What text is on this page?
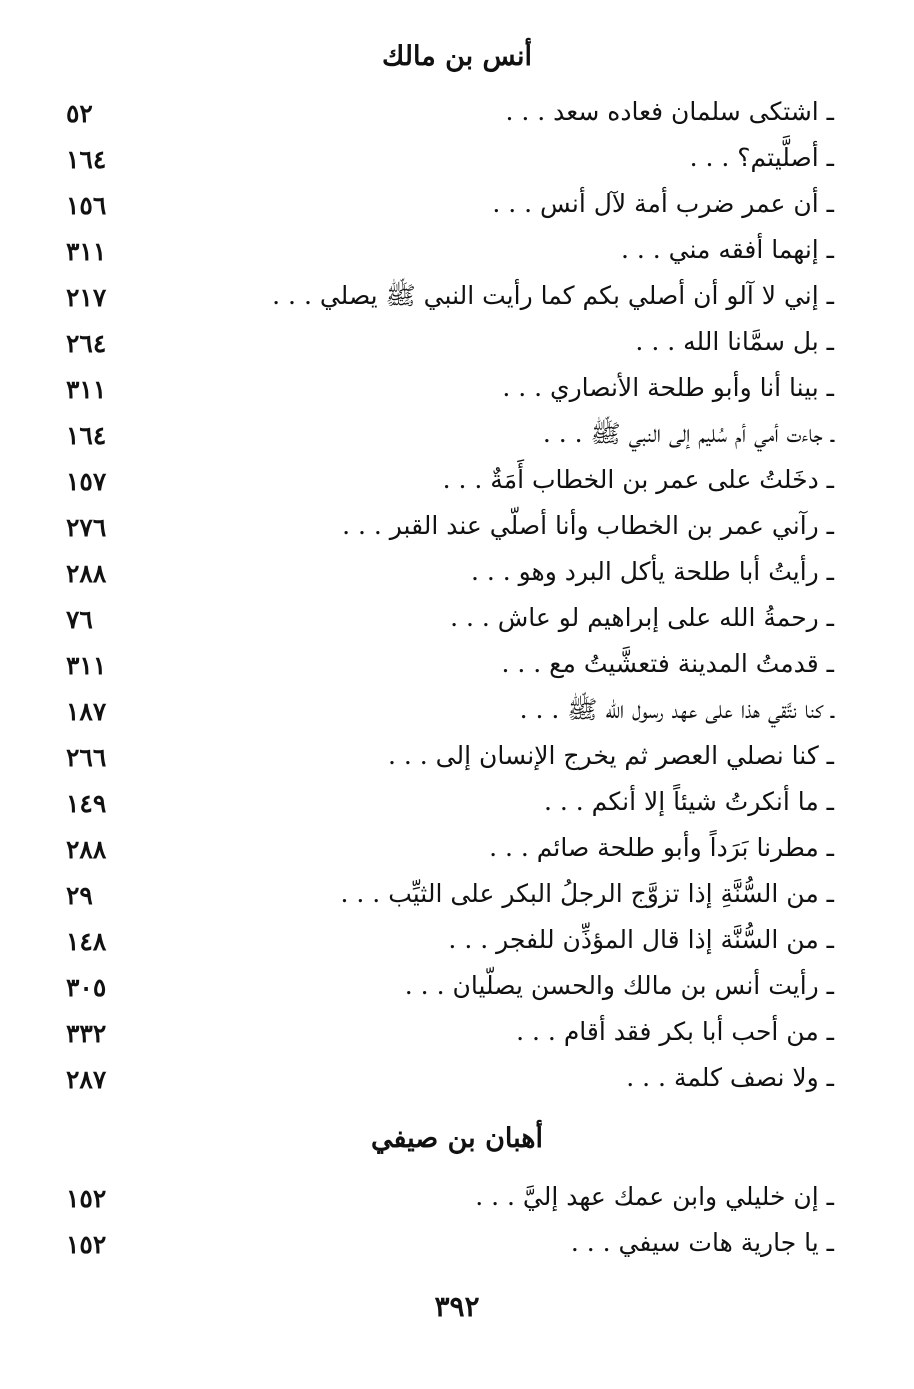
أنس بن مالك
ـ اشتكى سلمان فعاده سعد . . .
٥٢
ـ أصلَّيتم؟ . . .
١٦٤
ـ أن عمر ضرب أمة لآل أنس . . .
١٥٦
ـ إنهما أفقه مني . . .
٣١١
ـ إني لا آلو أن أصلي بكم كما رأيت النبي ﷺ يصلي . . .
٢١٧
ـ بل سمَّانا الله . . .
٢٦٤
ـ بينا أنا وأبو طلحة الأنصاري . . .
٣١١
ـ جاءت أمي أم سُليم إلى النبي ﷺ . . .
١٦٤
ـ دخَلتُ على عمر بن الخطاب أَمَةٌ . . .
١٥٧
ـ رآني عمر بن الخطاب وأنا أصلّي عند القبر . . .
٢٧٦
ـ رأيتُ أبا طلحة يأكل البرد وهو . . .
٢٨٨
ـ رحمةُ الله على إبراهيم لو عاش . . .
٧٦
ـ قدمتُ المدينة فتعشَّيتُ مع . . .
٣١١
ـ كنا نتَّقي هذا على عهد رسول الله ﷺ . . .
١٨٧
ـ كنا نصلي العصر ثم يخرج الإنسان إلى . . .
٢٦٦
ـ ما أنكرتُ شيئاً إلا أنكم . . .
١٤٩
ـ مطرنا بَرَداً وأبو طلحة صائم . . .
٢٨٨
ـ من السُّنَّةِ إذا تزوَّج الرجلُ البكر على الثيِّب . . .
٢٩
ـ من السُّنَّة إذا قال المؤذِّن للفجر . . .
١٤٨
ـ رأيت أنس بن مالك والحسن يصلّيان . . .
٣٠٥
ـ من أحب أبا بكر فقد أقام . . .
٣٣٢
ـ ولا نصف كلمة . . .
٢٨٧
أهبان بن صيفي
ـ إن خليلي وابن عمك عهد إليَّ . . .
١٥٢
ـ يا جارية هات سيفي . . .
١٥٢
٣٩٢
